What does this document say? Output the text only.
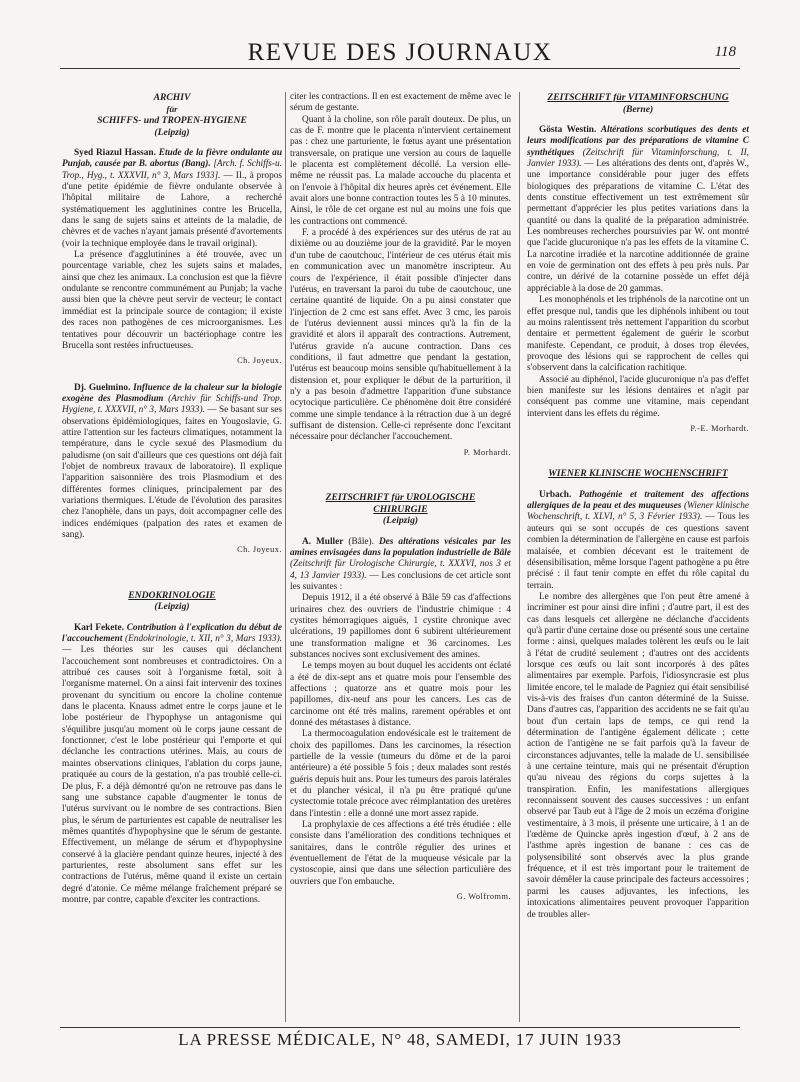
REVUE DES JOURNAUX	118
ARCHIV
für
SCHIFFS- und TROPEN-HYGIENE
(Leipzig)

Syed Riazul Hassan. Etude de la fièvre ondulante au Punjab, causée par B. abortus (Bang). [Arch. f. Schiffs-u. Trop., Hyg., t. XXXVII, n° 3, Mars 1933]. — II., à propos d'une petite épidémie de fièvre ondulante observée à l'hôpital militaire de Lahore, a recherché systématiquement les agglutinines contre les Brucella, dans le sang de sujets sains et atteints de la maladie, de chèvres et de vaches n'ayant jamais présenté d'avortements (voir la technique employée dans le travail original).

La présence d'agglutinines a été trouvée, avec un pourcentage variable, chez les sujets sains et malades, ainsi que chez les animaux. La conclusion est que la fièvre ondulante se rencontre communément au Punjab; la vache aussi bien que la chèvre peut servir de vecteur; le contact immédiat est la principale source de contagion; il existe des races non pathogènes de ces microorganismes. Les tentatives pour découvrir un bactériophage contre les Brucella sont restées infructueuses.

Ch. Joyeux.

Dj. Guelmino. Influence de la chaleur sur la biologie exogène des Plasmodium (Archiv für Schiffs-und Trop. Hygiene, t. XXXVII, n° 3, Mars 1933). — Se basant sur ses observations épidémiologiques, faites en Yougoslavie, G. attire l'attention sur les facteurs climatiques, notamment la température, dans le cycle sexué des Plasmodium du paludisme (on sait d'ailleurs que ces questions ont déjà fait l'objet de nombreux travaux de laboratoire). Il explique l'apparition saisonnière des trois Plasmodium et des différentes formes cliniques, principalement par des variations thermiques. L'étude de l'évolution des parasites chez l'anophèle, dans un pays, doit accompagner celle des indices endémiques (palpation des rates et examen de sang).

Ch. Joyeux.
ENDOKRINOLOGIE
(Leipzig)

Karl Fekete. Contribution à l'explication du début de l'accouchement (Endokrinologie, t. XII, n° 3, Mars 1933). — Les théories sur les causes qui déclanchent l'accouchement sont nombreuses et contradictoires. On a attribué ces causes soit à l'organisme fœtal, soit à l'organisme maternel. On a ainsi fait intervenir des toxines provenant du syncitium ou encore la choline contenue dans le placenta. Knauss admet entre le corps jaune et le lobe postérieur de l'hypophyse un antagonisme qui s'équilibre jusqu'au moment où le corps jaune cessant de fonctionner, c'est le lobe postérieur qui l'emporte et qui déclanche les contractions utérines. Mais, au cours de maintes observations cliniques, l'ablation du corps jaune, pratiquée au cours de la gestation, n'a pas troublé celle-ci. De plus, F. a déjà démontré qu'on ne retrouve pas dans le sang une substance capable d'augmenter le tonus de l'utérus survivant ou le nombre de ses contractions. Bien plus, le sérum de parturientes est capable de neutraliser les mêmes quantités d'hypophysine que le sérum de gestante. Effectivement, un mélange de sérum et d'hypophysine conservé à la glacière pendant quinze heures, injecté à des parturientes, reste absolument sans effet sur les contractions de l'utérus, même quand il existe un certain degré d'atonie. Ce même mélange fraîchement préparé se montre, par contre, capable d'exciter les contractions.

citer les contractions. Il en est exactement de même avec le sérum de gestante.

Quant à la choline, son rôle paraît douteux. De plus, un cas de F. montre que le placenta n'intervient certainement pas : chez une parturiente, le fœtus ayant une présentation transversale, on pratique une version au cours de laquelle le placenta est complètement décollé. La version elle-même ne réussit pas. La malade accouche du placenta et on l'envoie à l'hôpital dix heures après cet événement. Elle avait alors une bonne contraction toutes les 5 à 10 minutes. Ainsi, le rôle de cet organe est nul au moins une fois que les contractions ont commencé.

F. a procédé à des expériences sur des utérus de rat au dixième ou au douzième jour de la gravidité. Par le moyen d'un tube de caoutchouc, l'intérieur de ces utérus était mis en communication avec un manomètre inscripteur. Au cours de l'expérience, il était possible d'injecter dans l'utérus, en traversant la paroi du tube de caoutchouc, une certaine quantité de liquide. On a pu ainsi constater que l'injection de 2 cmc est sans effet. Avec 3 cmc, les parois de l'utérus deviennent aussi minces qu'à la fin de la gravidité et alors il apparaît des contractions. Autrement, l'utérus gravide n'a aucune contraction. Dans ces conditions, il faut admettre que pendant la gestation, l'utérus est beaucoup moins sensible qu'habituellement à la distension et, pour expliquer le début de la parturition, il n'y a pas besoin d'admettre l'apparition d'une substance ocytocique particulière. Ce phénomène doit être considéré comme une simple tendance à la rétraction due à un degré suffisant de distension. Celle-ci représente donc l'excitant nécessaire pour déclancher l'accouchement.

P. Morhardt.
ZEITSCHRIFT für UROLOGISCHE
CHIRURGIE
(Leipzig)

A. Muller (Bâle). Des altérations vésicales par les amines envisagées dans la population industrielle de Bâle (Zeitschrift für Urologische Chirurgie, t. XXXVI, nos 3 et 4, 13 Janvier 1933). — Les conclusions de cet article sont les suivantes :

Depuis 1912, il a été observé à Bâle 59 cas d'affections urinaires chez des ouvriers de l'industrie chimique : 4 cystites hémorragiques aiguës, 1 cystite chronique avec ulcérations, 19 papillomes dont 6 subirent ultérieurement une transformation maligne et 36 carcinomes. Les substances nocives sont exclusivement des amines.

Le temps moyen au bout duquel les accidents ont éclaté a été de dix-sept ans et quatre mois pour l'ensemble des affections ; quatorze ans et quatre mois pour les papillomes, dix-neuf ans pour les cancers. Les cas de carcinome ont été très malins, rarement opérables et ont donné des métastases à distance.

La thermocoagulation endovésicale est le traitement de choix des papillomes. Dans les carcinomes, la résection partielle de la vessie (tumeurs du dôme et de la paroi antérieure) a été possible 5 fois ; deux malades sont restés guéris depuis huit ans. Pour les tumeurs des parois latérales et du plancher vésical, il n'a pu être pratiqué qu'une cystectomie totale précoce avec réimplantation des uretères dans l'intestin : elle a donné une mort assez rapide.

La prophylaxie de ces affections a été très étudiée : elle consiste dans l'amélioration des conditions techniques et sanitaires, dans le contrôle régulier des urines et éventuellement de l'état de la muqueuse vésicale par la cystoscopie, ainsi que dans une sélection particulière des ouvriers que l'on embauche.

G. Wolfromm.
ZEITSCHRIFT für VITAMINFORSCHUNG
(Berne)

Gösta Westin. Altérations scorbutiques des dents et leurs modifications par des préparations de vitamine C synthétiques (Zeitschrift für Vitaminforschung, t. II, Janvier 1933). — Les altérations des dents ont, d'après W., une importance considérable pour juger des effets biologiques des préparations de vitamine C. L'état des dents constitue effectivement un test extrêmement sûr permettant d'apprécier les plus petites variations dans la quantité ou dans la qualité de la préparation administrée. Les nombreuses recherches poursuivies par W. ont montré que l'acide glucuronique n'a pas les effets de la vitamine C. La narcotine irradiée et la narcotine additionnée de graine en voie de germination ont des effets à peu près nuls. Par contre, un dérivé de la cotarnine possède un effet déjà appréciable à la dose de 20 gammas.

Les monophénols et les triphénols de la narcotine ont un effet presque nul, tandis que les diphénols inhibent ou tout au moins ralentissent très nettement l'apparition du scorbut dentaire et permettent également de guérir le scorbut manifeste. Cependant, ce produit, à doses trop élevées, provoque des lésions qui se rapprochent de celles qui s'observent dans la calcification rachitique.

Associé au diphénol, l'acide glucuronique n'a pas d'effet bien manifeste sur les lésions dentaires et n'agit par conséquent pas comme une vitamine, mais cependant intervient dans les effets du régime.

P.-E. Morhardt.
WIENER KLINISCHE WOCHENSCHRIFT

Urbach. Pathogénie et traitement des affections allergiques de la peau et des muqueuses (Wiener klinische Wochenschrift, t. XLVI, n° 5, 3 Février 1933). — Tous les auteurs qui se sont occupés de ces questions savent combien la détermination de l'allergène en cause est parfois malaisée, et combien décevant est le traitement de désensibilisation, même lorsque l'agent pathogène a pu être précisé : il faut tenir compte en effet du rôle capital du terrain.

Le nombre des allergènes que l'on peut être amené à incriminer est pour ainsi dire infini ; d'autre part, il est des cas dans lesquels cet allergène ne déclanche d'accidents qu'à partir d'une certaine dose ou présenté sous une certaine forme : ainsi, quelques malades tolèrent les œufs ou le lait à l'état de crudité seulement ; d'autres ont des accidents lorsque ces œufs ou lait sont incorporés à des pâtes alimentaires par exemple. Parfois, l'idiosyncrasie est plus limitée encore, tel le malade de Pagniez qui était sensibilisé vis-à-vis des fraises d'un canton déterminé de la Suisse. Dans d'autres cas, l'apparition des accidents ne se fait qu'au bout d'un certain laps de temps, ce qui rend la détermination de l'antigène également délicate ; cette action de l'antigène ne se fait parfois qu'à la faveur de circonstances adjuvantes, telle la malade de U. sensibilisée à une certaine teinture, mais qui ne présentait d'éruption qu'au niveau des régions du corps sujettes à la transpiration. Enfin, les manifestations allergiques reconnaissent souvent des causes successives : un enfant observé par Taub eut à l'âge de 2 mois un eczéma d'origine vestimentaire, à 3 mois, il présente une urticaire, à 1 an de l'œdème de Quincke après ingestion d'œuf, à 2 ans de l'asthme après ingestion de banane : ces cas de polysensibilité sont observés avec la plus grande fréquence, et il est très important pour le traitement de savoir démêler la cause principale des facteurs accessoires ; parmi les causes adjuvantes, les infections, les intoxications alimentaires peuvent provoquer l'apparition de troubles aller-

LA PRESSE MÉDICALE, N° 48, SAMEDI, 17 JUIN 1933
